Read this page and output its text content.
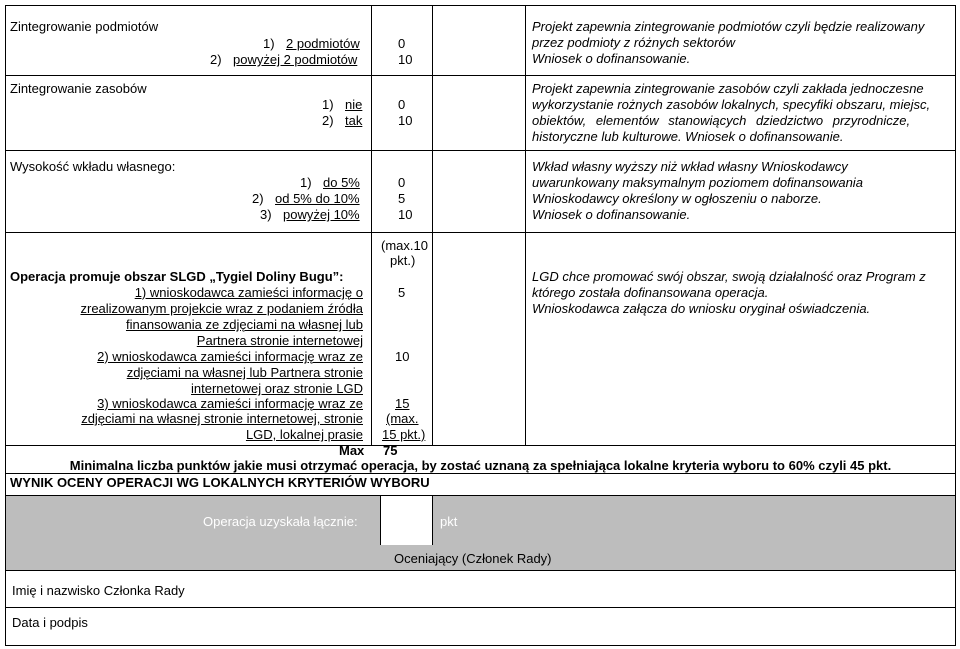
Zintegrowanie podmiotów
1) 2 podmiotów
2) powyżej 2 podmiotów
0
10
Projekt zapewnia zintegrowanie podmiotów czyli będzie realizowany
przez podmioty z różnych sektorów
Wniosek o dofinansowanie.
Zintegrowanie zasobów
1) nie
2) tak
0
10
Projekt zapewnia zintegrowanie zasobów czyli zakłada jednoczesne
wykorzystanie rożnych zasobów lokalnych, specyfiki obszaru, miejsc,
obiektów, elementów stanowiących dziedzictwo przyrodnicze,
historyczne lub kulturowe. Wniosek o dofinansowanie.
Wysokość wkładu własnego:
1) do 5%
2) od 5% do 10%
3) powyżej 10%
0
5
10
Wkład własny wyższy niż wkład własny Wnioskodawcy
uwarunkowany maksymalnym poziomem dofinansowania
Wnioskodawcy określony w ogłoszeniu o naborze.
Wniosek o dofinansowanie.
(max.10
pkt.)
Operacja promuje obszar SLGD „Tygiel Doliny Bugu”:
1) wnioskodawca zamieści informację o
zrealizowanym projekcie wraz z podaniem źródła
finansowania ze zdjęciami na własnej lub
Partnera stronie internetowej
5
2) wnioskodawca zamieści informację wraz ze
zdjęciami na własnej lub Partnera stronie
internetowej oraz stronie LGD
10
3) wnioskodawca zamieści informację wraz ze
zdjęciami na własnej stronie internetowej, stronie
LGD, lokalnej prasie
15
(max.
15 pkt.)
LGD chce promować swój obszar, swoją działalność oraz Program z
którego została dofinansowana operacja.
Wnioskodawca załącza do wniosku oryginał oświadczenia.
Max 75
Minimalna liczba punktów jakie musi otrzymać operacja, by zostać uznaną za spełniająca lokalne kryteria wyboru to 60% czyli 45 pkt.
WYNIK OCENY OPERACJI WG LOKALNYCH KRYTERIÓW WYBORU
Operacja uzyskała łącznie:	pkt
Oceniający (Członek Rady)
Imię i nazwisko Członka Rady
Data i podpis
